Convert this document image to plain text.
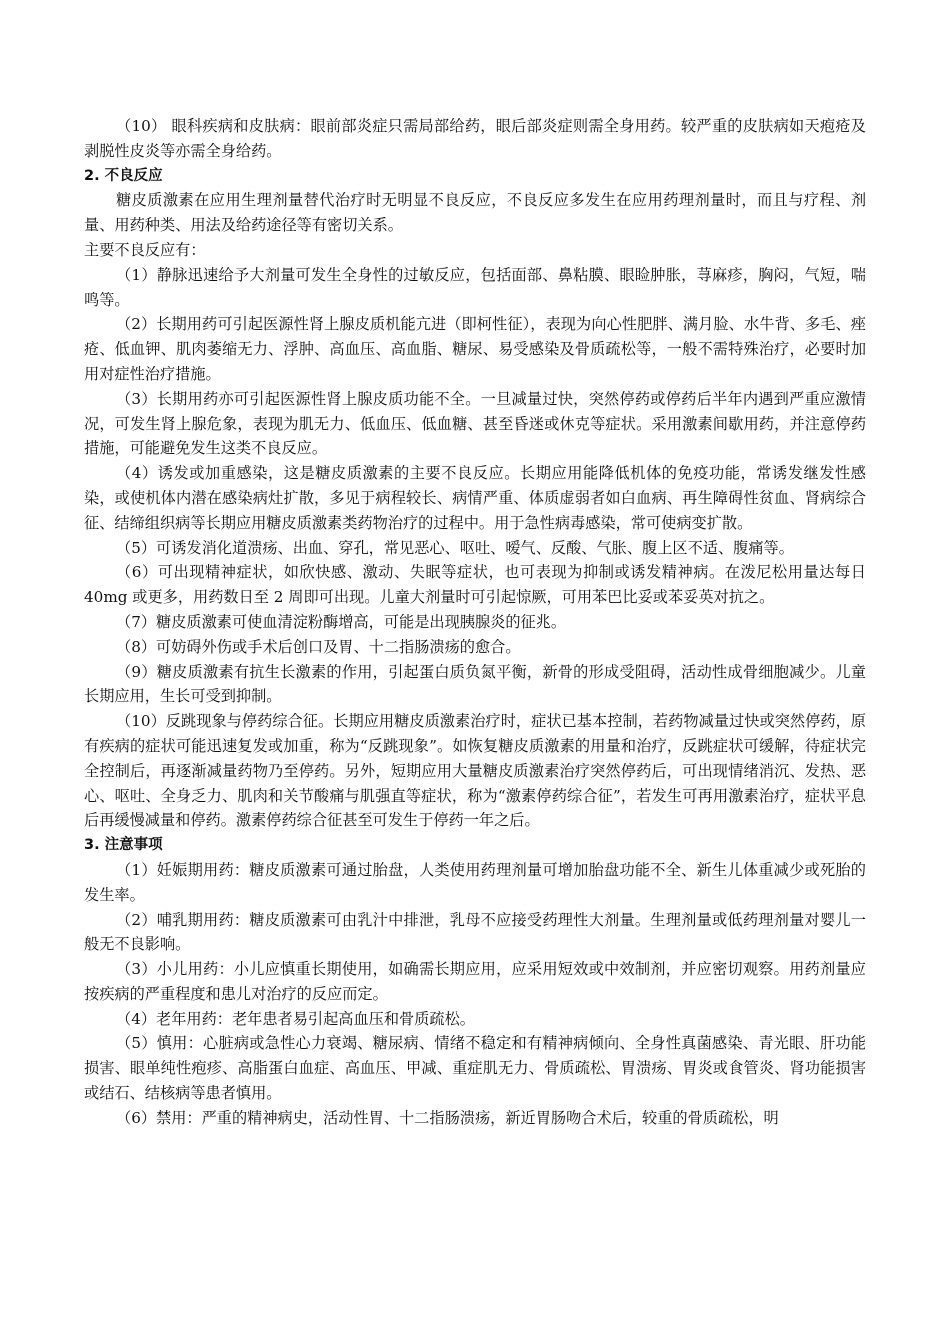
（10） 眼科疾病和皮肤病：眼前部炎症只需局部给药，眼后部炎症则需全身用药。较严重的皮肤病如天疱疮及剥脱性皮炎等亦需全身给药。

2. 不良反应

糖皮质激素在应用生理剂量替代治疗时无明显不良反应，不良反应多发生在应用药理剂量时，而且与疗程、剂量、用药种类、用法及给药途径等有密切关系。

主要不良反应有：

（1）静脉迅速给予大剂量可发生全身性的过敏反应，包括面部、鼻粘膜、眼睑肿胀，荨麻疹，胸闷，气短，喘鸣等。

（2）长期用药可引起医源性肾上腺皮质机能亢进（即柯性征），表现为向心性肥胖、满月脸、水牛背、多毛、痤疮、低血钾、肌肉萎缩无力、浮肿、高血压、高血脂、糖尿、易受感染及骨质疏松等，一般不需特殊治疗，必要时加用对症性治疗措施。

（3）长期用药亦可引起医源性肾上腺皮质功能不全。一旦减量过快，突然停药或停药后半年内遇到严重应激情况，可发生肾上腺危象，表现为肌无力、低血压、低血糖、甚至昏迷或休克等症状。采用激素间歇用药，并注意停药措施，可能避免发生这类不良反应。

（4）诱发或加重感染，这是糖皮质激素的主要不良反应。长期应用能降低机体的免疫功能，常诱发继发性感染，或使机体内潜在感染病灶扩散，多见于病程较长、病情严重、体质虚弱者如白血病、再生障碍性贫血、肾病综合征、结缔组织病等长期应用糖皮质激素类药物治疗的过程中。用于急性病毒感染，常可使病变扩散。

（5）可诱发消化道溃疡、出血、穿孔，常见恶心、呕吐、嗳气、反酸、气胀、腹上区不适、腹痛等。

（6）可出现精神症状，如欣快感、激动、失眠等症状，也可表现为抑制或诱发精神病。在泼尼松用量达每日 40mg 或更多，用药数日至 2 周即可出现。儿童大剂量时可引起惊厥，可用苯巴比妥或苯妥英对抗之。

（7）糖皮质激素可使血清淀粉酶增高，可能是出现胰腺炎的征兆。

（8）可妨碍外伤或手术后创口及胃、十二指肠溃疡的愈合。

（9）糖皮质激素有抗生长激素的作用，引起蛋白质负氮平衡，新骨的形成受阻碍，活动性成骨细胞减少。儿童长期应用，生长可受到抑制。

（10）反跳现象与停药综合征。长期应用糖皮质激素治疗时，症状已基本控制，若药物减量过快或突然停药，原有疾病的症状可能迅速复发或加重，称为“反跳现象”。如恢复糖皮质激素的用量和治疗，反跳症状可缓解，待症状完全控制后，再逐渐减量药物乃至停药。另外，短期应用大量糖皮质激素治疗突然停药后，可出现情绪消沉、发热、恶心、呕吐、全身乏力、肌肉和关节酸痛与肌强直等症状，称为“激素停药综合征”，若发生可再用激素治疗，症状平息后再缓慢减量和停药。激素停药综合征甚至可发生于停药一年之后。

3. 注意事项

（1）妊娠期用药：糖皮质激素可通过胎盘，人类使用药理剂量可增加胎盘功能不全、新生儿体重减少或死胎的发生率。

（2）哺乳期用药：糖皮质激素可由乳汁中排泄，乳母不应接受药理性大剂量。生理剂量或低药理剂量对婴儿一般无不良影响。

（3）小儿用药：小儿应慎重长期使用，如确需长期应用，应采用短效或中效制剂，并应密切观察。用药剂量应按疾病的严重程度和患儿对治疗的反应而定。

（4）老年用药：老年患者易引起高血压和骨质疏松。

（5）慎用：心脏病或急性心力衰竭、糖尿病、情绪不稳定和有精神病倾向、全身性真菌感染、青光眼、肝功能损害、眼单纯性疱疹、高脂蛋白血症、高血压、甲减、重症肌无力、骨质疏松、胃溃疡、胃炎或食管炎、肾功能损害或结石、结核病等患者慎用。

（6）禁用：严重的精神病史，活动性胃、十二指肠溃疡，新近胃肠吻合术后，较重的骨质疏松，明
